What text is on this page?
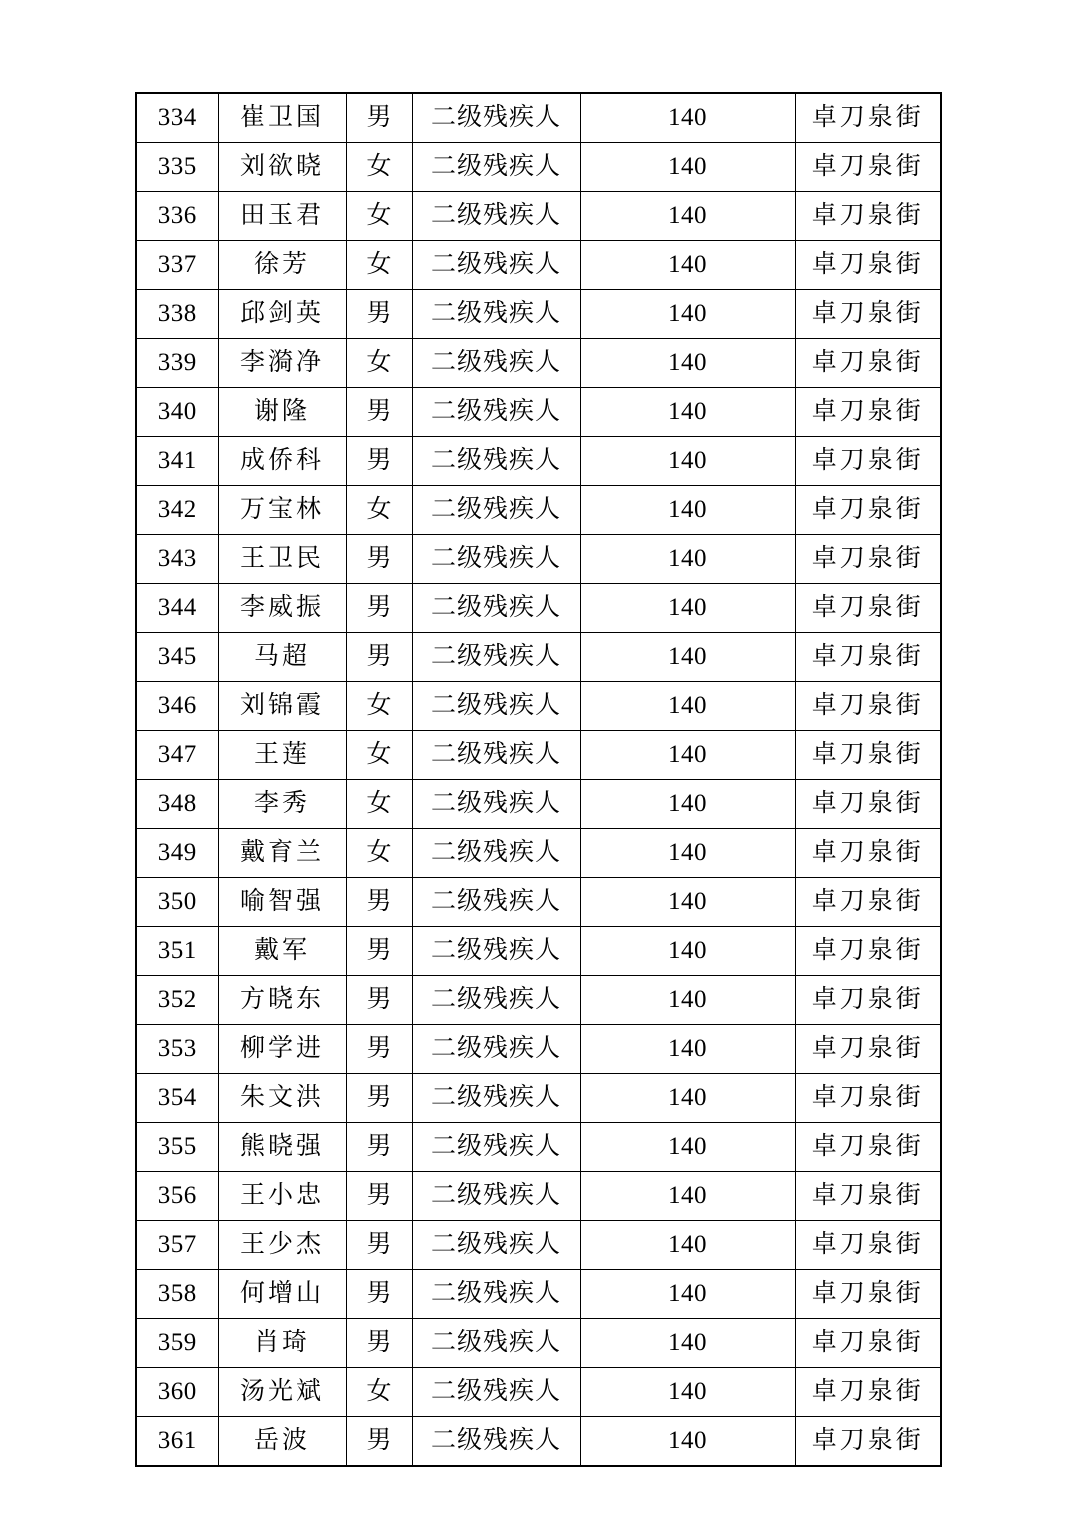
334	崔卫国	男	二级残疾人	140	卓刀泉街
335	刘欲晓	女	二级残疾人	140	卓刀泉街
336	田玉君	女	二级残疾人	140	卓刀泉街
337	徐芳	女	二级残疾人	140	卓刀泉街
338	邱剑英	男	二级残疾人	140	卓刀泉街
339	李漪净	女	二级残疾人	140	卓刀泉街
340	谢隆	男	二级残疾人	140	卓刀泉街
341	成侨科	男	二级残疾人	140	卓刀泉街
342	万宝林	女	二级残疾人	140	卓刀泉街
343	王卫民	男	二级残疾人	140	卓刀泉街
344	李威振	男	二级残疾人	140	卓刀泉街
345	马超	男	二级残疾人	140	卓刀泉街
346	刘锦霞	女	二级残疾人	140	卓刀泉街
347	王莲	女	二级残疾人	140	卓刀泉街
348	李秀	女	二级残疾人	140	卓刀泉街
349	戴育兰	女	二级残疾人	140	卓刀泉街
350	喻智强	男	二级残疾人	140	卓刀泉街
351	戴军	男	二级残疾人	140	卓刀泉街
352	方晓东	男	二级残疾人	140	卓刀泉街
353	柳学进	男	二级残疾人	140	卓刀泉街
354	朱文洪	男	二级残疾人	140	卓刀泉街
355	熊晓强	男	二级残疾人	140	卓刀泉街
356	王小忠	男	二级残疾人	140	卓刀泉街
357	王少杰	男	二级残疾人	140	卓刀泉街
358	何增山	男	二级残疾人	140	卓刀泉街
359	肖琦	男	二级残疾人	140	卓刀泉街
360	汤光斌	女	二级残疾人	140	卓刀泉街
361	岳波	男	二级残疾人	140	卓刀泉街
